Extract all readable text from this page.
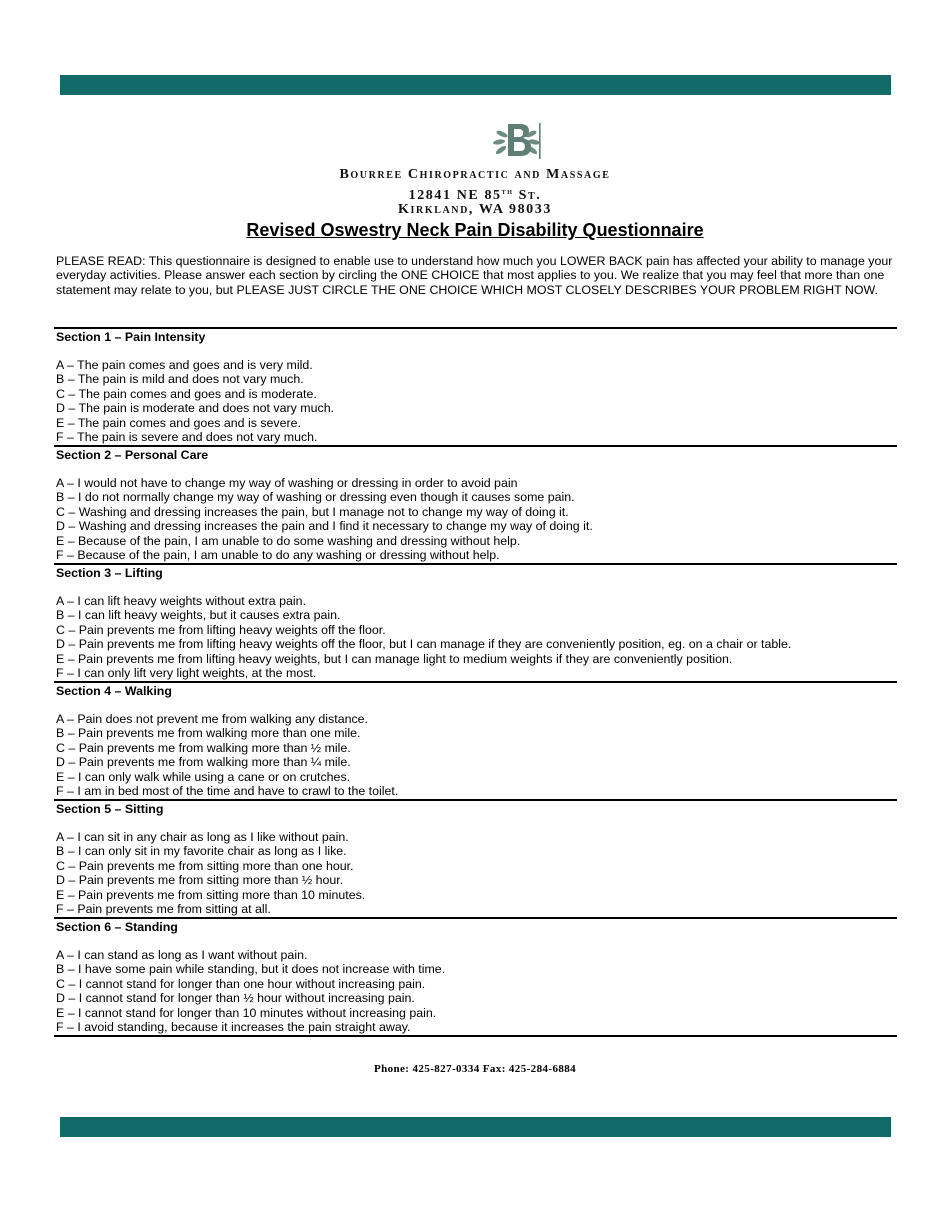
Bourree Chiropractic and Massage
12841 NE 85th St.
Kirkland, WA 98033
Revised Oswestry Neck Pain Disability Questionnaire

PLEASE READ: This questionnaire is designed to enable use to understand how much you LOWER BACK pain has affected your ability to manage your everyday activities. Please answer each section by circling the ONE CHOICE that most applies to you. We realize that you may feel that more than one statement may relate to you, but PLEASE JUST CIRCLE THE ONE CHOICE WHICH MOST CLOSELY DESCRIBES YOUR PROBLEM RIGHT NOW.

Section 1 – Pain Intensity
A – The pain comes and goes and is very mild.
B – The pain is mild and does not vary much.
C – The pain comes and goes and is moderate.
D – The pain is moderate and does not vary much.
E – The pain comes and goes and is severe.
F – The pain is severe and does not vary much.
Section 2 – Personal Care
A – I would not have to change my way of washing or dressing in order to avoid pain
B – I do not normally change my way of washing or dressing even though it causes some pain.
C – Washing and dressing increases the pain, but I manage not to change my way of doing it.
D – Washing and dressing increases the pain and I find it necessary to change my way of doing it.
E – Because of the pain, I am unable to do some washing and dressing without help.
F – Because of the pain, I am unable to do any washing or dressing without help.
Section 3 – Lifting
A – I can lift heavy weights without extra pain.
B – I can lift heavy weights, but it causes extra pain.
C – Pain prevents me from lifting heavy weights off the floor.
D – Pain prevents me from lifting heavy weights off the floor, but I can manage if they are conveniently position, eg. on a chair or table.
E – Pain prevents me from lifting heavy weights, but I can manage light to medium weights if they are conveniently position.
F – I can only lift very light weights, at the most.
Section 4 – Walking
A – Pain does not prevent me from walking any distance.
B – Pain prevents me from walking more than one mile.
C – Pain prevents me from walking more than ½ mile.
D – Pain prevents me from walking more than ¼ mile.
E – I can only walk while using a cane or on crutches.
F – I am in bed most of the time and have to crawl to the toilet.
Section 5 – Sitting
A – I can sit in any chair as long as I like without pain.
B – I can only sit in my favorite chair as long as I like.
C – Pain prevents me from sitting more than one hour.
D – Pain prevents me from sitting more than ½ hour.
E – Pain prevents me from sitting more than 10 minutes.
F – Pain prevents me from sitting at all.
Section 6 – Standing
A – I can stand as long as I want without pain.
B – I have some pain while standing, but it does not increase with time.
C – I cannot stand for longer than one hour without increasing pain.
D – I cannot stand for longer than ½ hour without increasing pain.
E – I cannot stand for longer than 10 minutes without increasing pain.
F – I avoid standing, because it increases the pain straight away.
Phone: 425-827-0334 Fax: 425-284-6884
